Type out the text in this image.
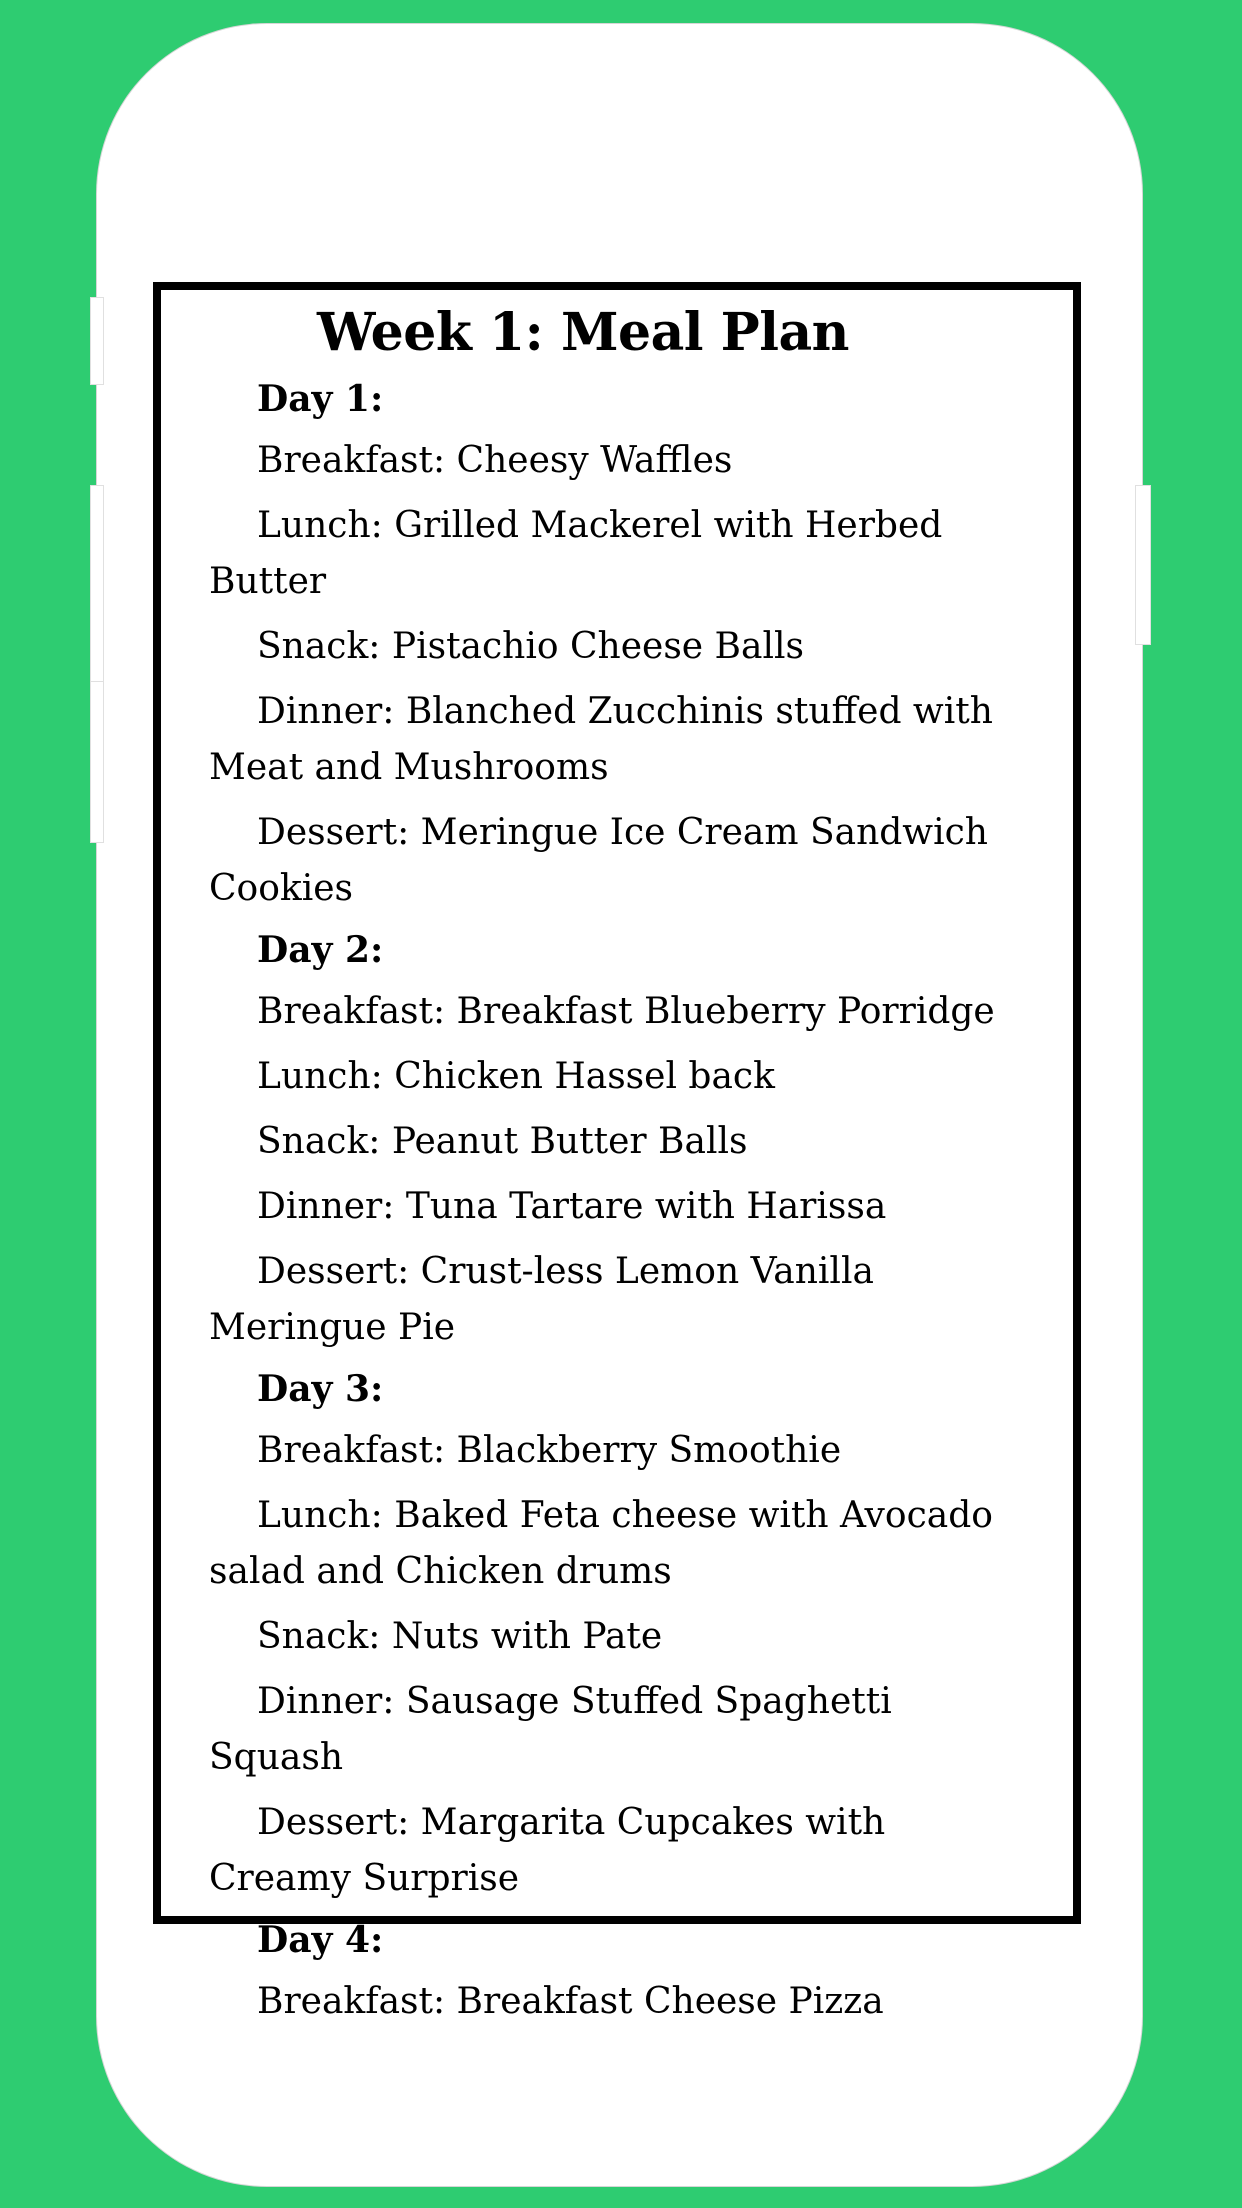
Week 1: Meal Plan

Day 1:

Breakfast: Cheesy Waffles

Lunch: Grilled Mackerel with Herbed Butter

Snack: Pistachio Cheese Balls

Dinner: Blanched Zucchinis stuffed with Meat and Mushrooms

Dessert: Meringue Ice Cream Sandwich Cookies

Day 2:

Breakfast: Breakfast Blueberry Porridge

Lunch: Chicken Hassel back

Snack: Peanut Butter Balls

Dinner: Tuna Tartare with Harissa

Dessert: Crust-less Lemon Vanilla Meringue Pie

Day 3:

Breakfast: Blackberry Smoothie

Lunch: Baked Feta cheese with Avocado salad and Chicken drums

Snack: Nuts with Pate

Dinner: Sausage Stuffed Spaghetti Squash

Dessert: Margarita Cupcakes with Creamy Surprise

Day 4:

Breakfast: Breakfast Cheese Pizza
